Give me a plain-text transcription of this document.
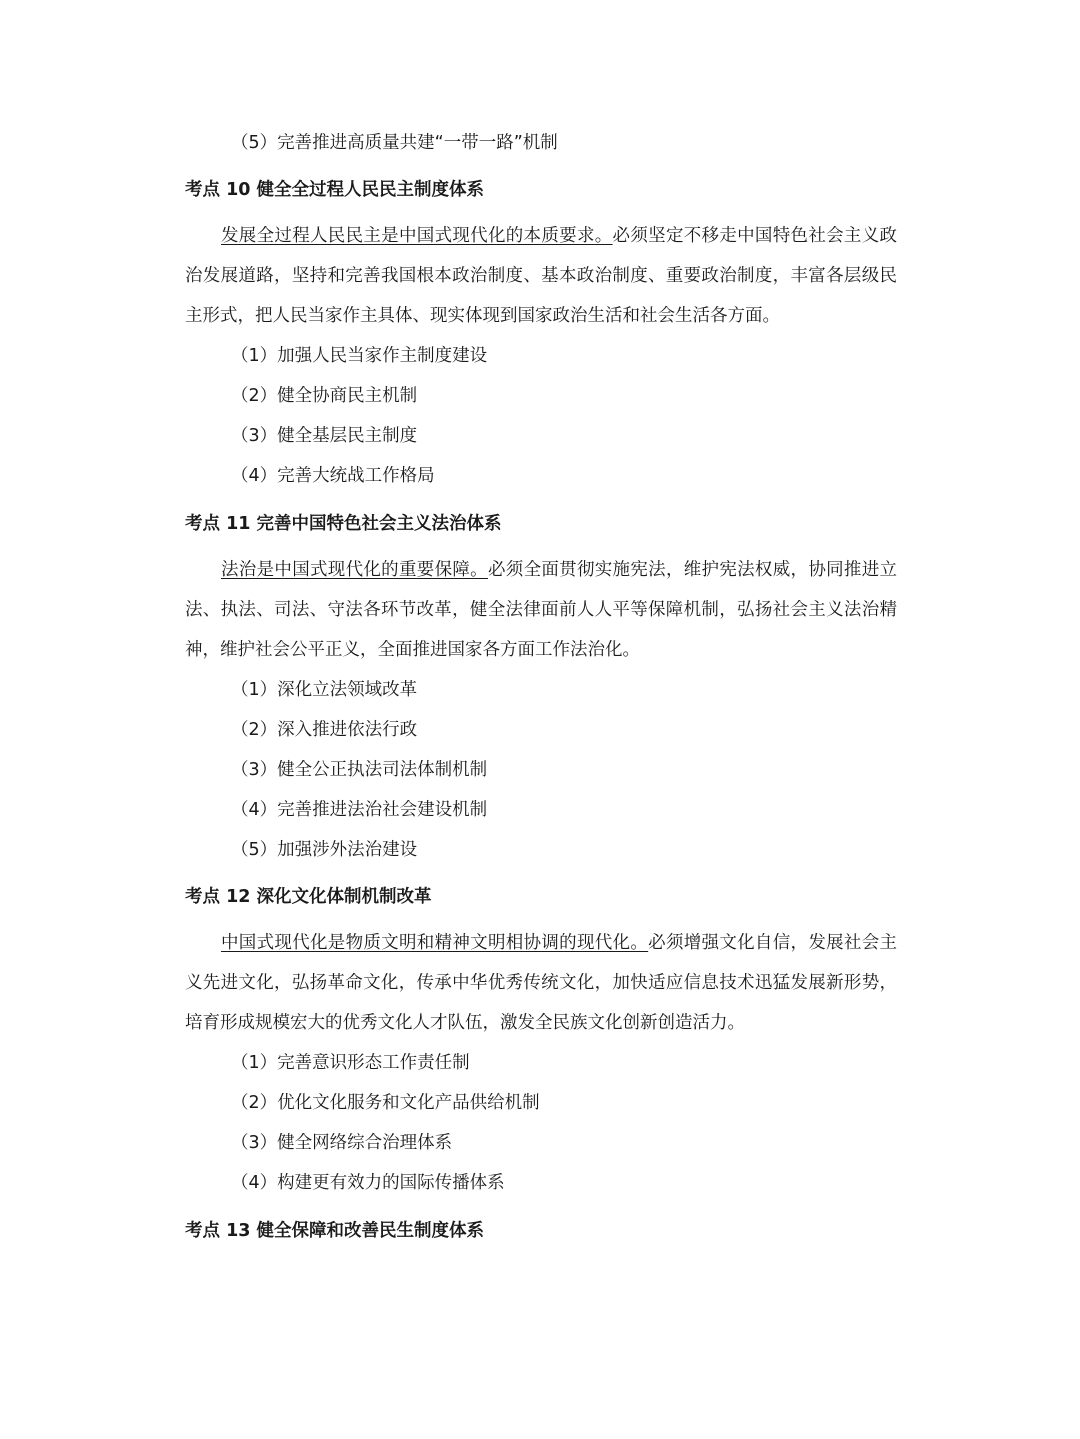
（5）完善推进高质量共建“一带一路”机制
考点 10 健全全过程人民民主制度体系
发展全过程人民民主是中国式现代化的本质要求。必须坚定不移走中国特色社会主义政治发展道路，坚持和完善我国根本政治制度、基本政治制度、重要政治制度，丰富各层级民主形式，把人民当家作主具体、现实体现到国家政治生活和社会生活各方面。
（1）加强人民当家作主制度建设
（2）健全协商民主机制
（3）健全基层民主制度
（4）完善大统战工作格局
考点 11 完善中国特色社会主义法治体系
法治是中国式现代化的重要保障。必须全面贯彻实施宪法，维护宪法权威，协同推进立法、执法、司法、守法各环节改革，健全法律面前人人平等保障机制，弘扬社会主义法治精神，维护社会公平正义，全面推进国家各方面工作法治化。
（1）深化立法领域改革
（2）深入推进依法行政
（3）健全公正执法司法体制机制
（4）完善推进法治社会建设机制
（5）加强涉外法治建设
考点 12 深化文化体制机制改革
中国式现代化是物质文明和精神文明相协调的现代化。必须增强文化自信，发展社会主义先进文化，弘扬革命文化，传承中华优秀传统文化，加快适应信息技术迅猛发展新形势，培育形成规模宏大的优秀文化人才队伍，激发全民族文化创新创造活力。
（1）完善意识形态工作责任制
（2）优化文化服务和文化产品供给机制
（3）健全网络综合治理体系
（4）构建更有效力的国际传播体系
考点 13 健全保障和改善民生制度体系
